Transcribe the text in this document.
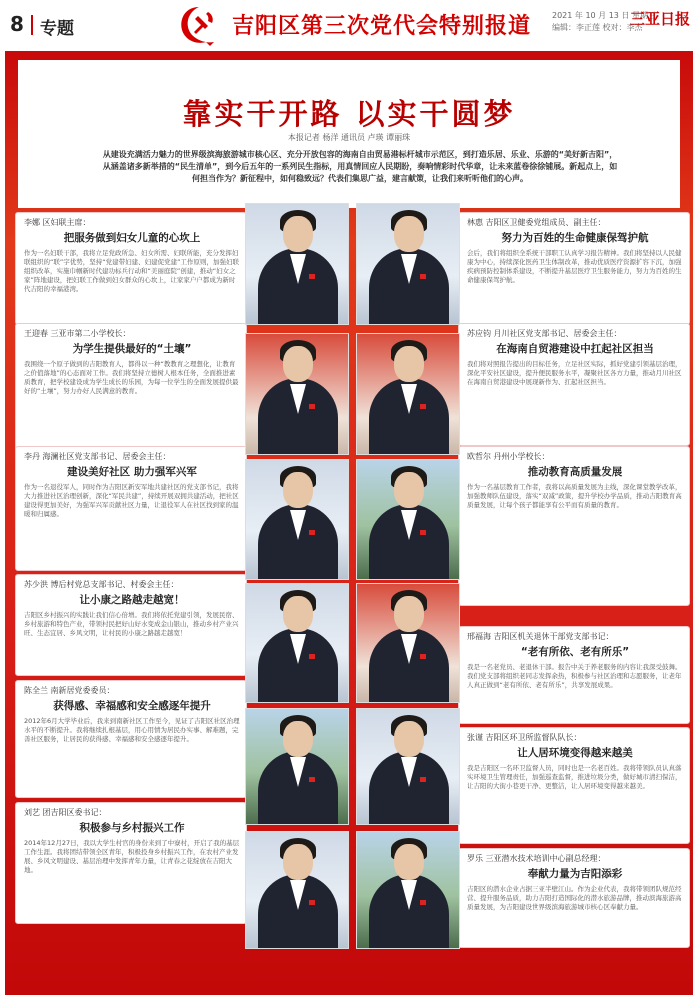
8 专题	吉阳区第三次党代会特别报道	2021 年 10 月 13 日 星期三
编辑：李正莲 校对：李杰
三亚日报
靠实干开路 以实干圆梦
本报记者 杨洋 通讯员 卢瑛 谭丽珠
从建设充满活力魅力的世界级滨海旅游城市核心区、充分开放包容的海南自由贸易港标杆城市示范区，到打造乐居、乐业、乐游的“美好新吉阳”，从涵盖诸多新举措的“民生清单”，到今后五年的一系列民生指标，用真情回应人民期盼，奏响情彩时代华章，让未来蓝卷徐徐铺展。新起点上，如何担当作为？新征程中，如何稳致远？代表们集思广益，建言献策，让我们来听听他们的心声。
李娜 区妇联主席：
把服务做到妇女儿童的心坎上
作为一名妇联干部，我将立足党政所急、妇女所需、妇联所能，充分发挥妇联组织的“联”字优势，坚持“党建带妇建、妇建促党建”工作原则，加强妇联组织改革，实施巾帼新时代建功标兵行动和“美丽庭院”创建，推动“妇女之家”阵地建设，把妇联工作做到妇女群众的心坎上，让家家户户都成为新时代吉阳的幸福港湾。
王迎春 三亚市第二小学校长：
为学生提供最好的“土壤”
我围绕一个原子做到的吉阳教育人，都得以一种“教教育之理想化，让教育之价值落地”的心态面对工作。我们将坚持立德树人根本任务，全面推进素质教育，把学校建设成为学生成长的乐园，为每一位学生的全面发展提供最好的“土壤”，努力办好人民满意的教育。
李丹 海澜社区党支部书记、居委会主任：
建设美好社区 助力强军兴军
作为一名退役军人，同时作为吉阳区新安军地共建社区的党支部书记，我将大力推进社区治理创新，深化“军民共建”，持续开展双拥共建活动，把社区建设得更加美好，为强军兴军贡献社区力量，让退役军人在社区找到家的温暖和归属感。
苏少洪 博后村党总支部书记、村委会主任：
让小康之路越走越宽！
吉阳区乡村振兴的实践让我们信心倍增。我们将依托党建引领，发展民宿、乡村旅游和特色产业，带领村民把好山好水变成金山银山，推动乡村产业兴旺、生态宜居、乡风文明，让村民的小康之路越走越宽！
陈全兰 南新居党委委员：
获得感、幸福感和安全感逐年提升
2012年6月大学毕业后，我来到南新社区工作至今，见证了吉阳区社区治理水平的不断提升。我将继续扎根基层，用心用情为居民办实事、解难题，完善社区服务，让居民的获得感、幸福感和安全感逐年提升。
刘艺 团吉阳区委书记：
积极参与乡村振兴工作
2014年12月27日，我以大学生村官的身份来到了中寮村，开启了我的基层工作生涯。我将团结带领全区青年，积极投身乡村振兴工作，在农村产业发展、乡风文明建设、基层治理中发挥青年力量，让青春之花绽放在吉阳大地。
林惠 吉阳区卫健委党组成员、副主任：
努力为百姓的生命健康保驾护航
会后，我们将组织全系统干部职工认真学习报告精神。我们将坚持以人民健康为中心，持续深化医药卫生体制改革，推动优质医疗资源扩容下沉，加强疾病预防控制体系建设，不断提升基层医疗卫生服务能力，努力为百姓的生命健康保驾护航。
苏应钧 月川社区党支部书记、居委会主任：
在海南自贸港建设中扛起社区担当
我们将对照报告提出的目标任务，立足社区实际，抓好党建引领基层治理，深化平安社区建设，提升便民服务水平，凝聚社区各方力量，推动月川社区在海南自贸港建设中展现新作为、扛起社区担当。
欧哲尔 丹州小学校长：
推动教育高质量发展
作为一名基层教育工作者，我将以高质量发展为主线，深化课堂教学改革，加强教师队伍建设，落实“双减”政策，提升学校办学品质，推动吉阳教育高质量发展，让每个孩子都能享有公平而有质量的教育。
邢福海 吉阳区机关退休干部党支部书记：
“老有所依、老有所乐”
我是一名老党员、老退休干部。报告中关于养老服务的内容让我深受鼓舞。我们党支部将组织老同志发挥余热，积极参与社区治理和志愿服务，让老年人真正做到“老有所依、老有所乐”，共享发展成果。
张谨 吉阳区环卫所监督队队长：
让人居环境变得越来越美
我是吉阳区一名环卫监督人员，同时也是一名老百姓。我将带领队员认真落实环境卫生管理责任，加强巡查监督，推进垃圾分类，做好城市清扫保洁，让吉阳的大街小巷更干净、更整洁，让人居环境变得越来越美。
罗乐 三亚潜水技术培训中心副总经理：
奉献力量为吉阳添彩
吉阳区的潜水企业占据三亚半壁江山。作为企业代表，我将带领团队规范经营、提升服务品质，助力吉阳打造国际化的潜水旅游品牌，推动滨海旅游高质量发展，为吉阳建设世界级滨海旅游城市核心区奉献力量。
